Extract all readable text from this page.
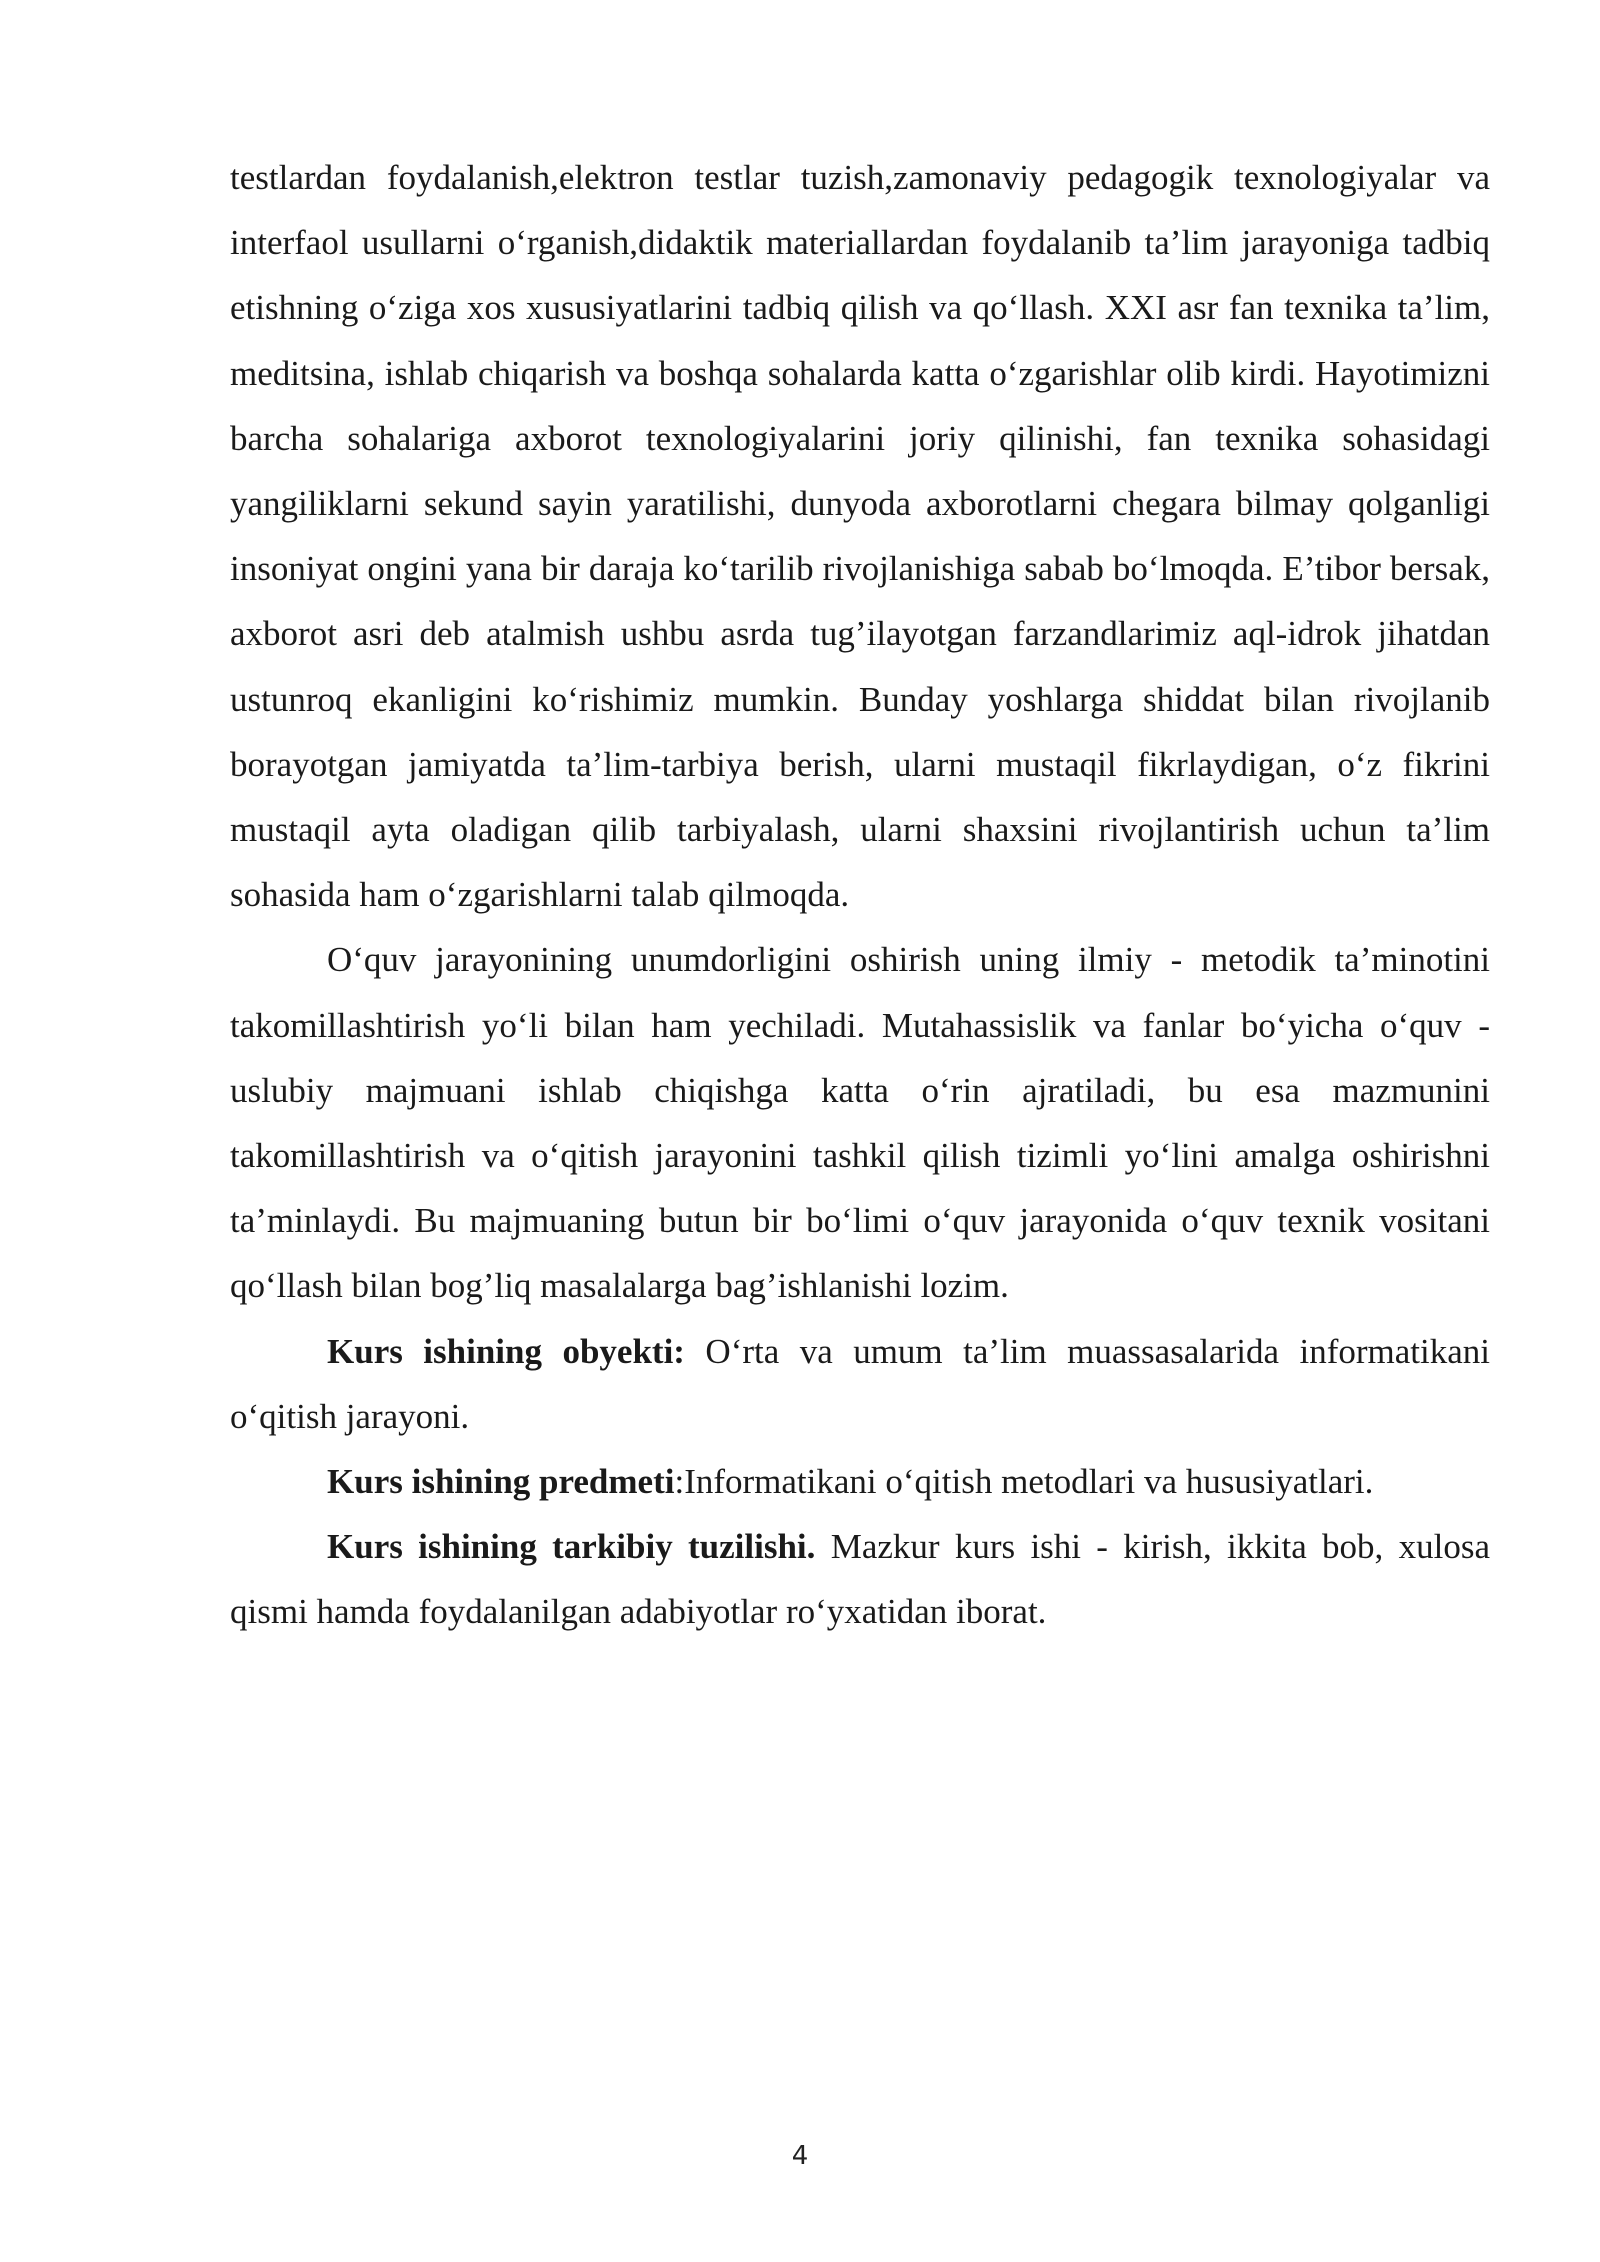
testlardan foydalanish,elektron testlar tuzish,zamonaviy pedagogik texnologiyalar va interfaol usullarni o‘rganish,didaktik materiallardan foydalanib ta’lim jarayoniga tadbiq etishning o‘ziga xos xususiyatlarini tadbiq qilish va qo‘llash. XXI asr fan texnika ta’lim, meditsina, ishlab chiqarish va boshqa sohalarda katta o‘zgarishlar olib kirdi. Hayotimizni barcha sohalariga axborot texnologiyalarini joriy qilinishi, fan texnika sohasidagi yangiliklarni sekund sayin yaratilishi, dunyoda axborotlarni chegara bilmay qolganligi insoniyat ongini yana bir daraja ko‘tarilib rivojlanishiga sabab bo‘lmoqda. E’tibor bersak, axborot asri deb atalmish ushbu asrda tug’ilayotgan farzandlarimiz aql-idrok jihatdan ustunroq ekanligini ko‘rishimiz mumkin. Bunday yoshlarga shiddat bilan rivojlanib borayotgan jamiyatda ta’lim-tarbiya berish, ularni mustaqil fikrlaydigan, o‘z fikrini mustaqil ayta oladigan qilib tarbiyalash, ularni shaxsini rivojlantirish uchun ta’lim sohasida ham o‘zgarishlarni talab qilmoqda.

O‘quv jarayonining unumdorligini oshirish uning ilmiy - metodik ta’minotini takomillashtirish yo‘li bilan ham yechiladi. Mutahassislik va fanlar bo‘yicha o‘quv - uslubiy majmuani ishlab chiqishga katta o‘rin ajratiladi, bu esa mazmunini takomillashtirish va o‘qitish jarayonini tashkil qilish tizimli yo‘lini amalga oshirishni ta’minlaydi. Bu majmuaning butun bir bo‘limi o‘quv jarayonida o‘quv texnik vositani qo‘llash bilan bog’liq masalalarga bag’ishlanishi lozim.

Kurs ishining obyekti: O‘rta va umum ta’lim muassasalarida informatikani o‘qitish jarayoni.

Kurs ishining predmeti:Informatikani o‘qitish metodlari va hususiyatlari.

Kurs ishining tarkibiy tuzilishi. Mazkur kurs ishi - kirish, ikkita bob, xulosa qismi hamda foydalanilgan adabiyotlar ro‘yxatidan iborat.

4
